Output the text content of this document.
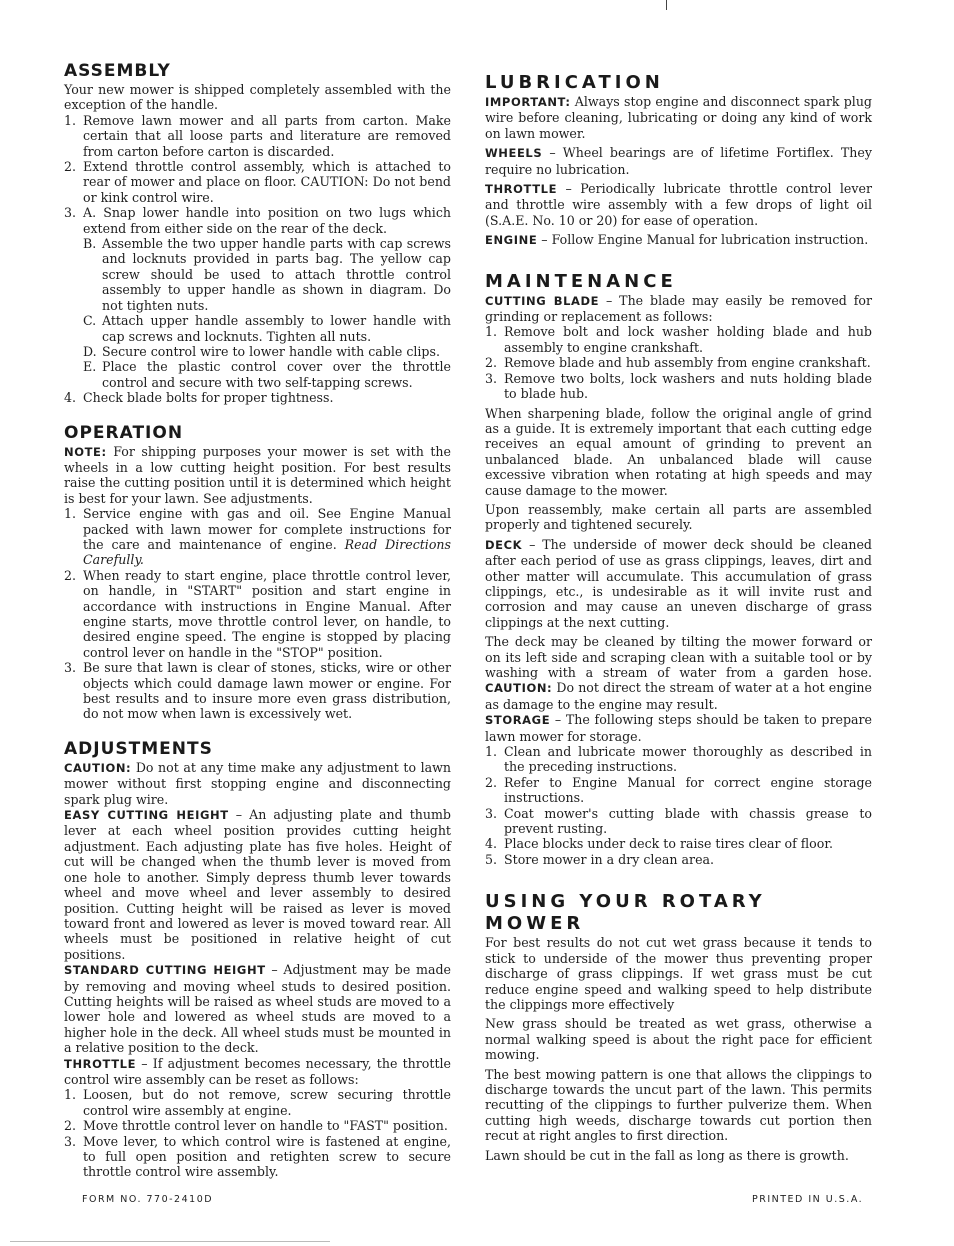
ASSEMBLY

Your new mower is shipped completely assembled with the exception of the handle.

1. Remove lawn mower and all parts from carton. Make certain that all loose parts and literature are removed from carton before carton is discarded.
2. Extend throttle control assembly, which is attached to rear of mower and place on floor. CAUTION: Do not bend or kink control wire.
3. A. Snap lower handle into position on two lugs which extend from either side on the rear of the deck.
B. Assemble the two upper handle parts with cap screws and locknuts provided in parts bag. The yellow cap screw should be used to attach throttle control assembly to upper handle as shown in diagram. Do not tighten nuts.
C. Attach upper handle assembly to lower handle with cap screws and locknuts. Tighten all nuts.
D. Secure control wire to lower handle with cable clips.
E. Place the plastic control cover over the throttle control and secure with two self-tapping screws.
4. Check blade bolts for proper tightness.
OPERATION

NOTE: For shipping purposes your mower is set with the wheels in a low cutting height position. For best results raise the cutting position until it is determined which height is best for your lawn. See adjustments.

1. Service engine with gas and oil. See Engine Manual packed with lawn mower for complete instructions for the care and maintenance of engine. Read Directions Carefully.
2. When ready to start engine, place throttle control lever, on handle, in "START" position and start engine in accordance with instructions in Engine Manual. After engine starts, move throttle control lever, on handle, to desired engine speed. The engine is stopped by placing control lever on handle in the "STOP" position.
3. Be sure that lawn is clear of stones, sticks, wire or other objects which could damage lawn mower or engine. For best results and to insure more even grass distribution, do not mow when lawn is excessively wet.
ADJUSTMENTS

CAUTION: Do not at any time make any adjustment to lawn mower without first stopping engine and disconnecting spark plug wire.

EASY CUTTING HEIGHT – An adjusting plate and thumb lever at each wheel position provides cutting height adjustment. Each adjusting plate has five holes. Height of cut will be changed when the thumb lever is moved from one hole to another. Simply depress thumb lever towards wheel and move wheel and lever assembly to desired position. Cutting height will be raised as lever is moved toward front and lowered as lever is moved toward rear. All wheels must be positioned in relative height of cut positions.

STANDARD CUTTING HEIGHT – Adjustment may be made by removing and moving wheel studs to desired position. Cutting heights will be raised as wheel studs are moved to a lower hole and lowered as wheel studs are moved to a higher hole in the deck. All wheel studs must be mounted in a relative position to the deck.

THROTTLE – If adjustment becomes necessary, the throttle control wire assembly can be reset as follows:

1. Loosen, but do not remove, screw securing throttle control wire assembly at engine.
2. Move throttle control lever on handle to "FAST" position.
3. Move lever, to which control wire is fastened at engine, to full open position and retighten screw to secure throttle control wire assembly.
LUBRICATION

IMPORTANT: Always stop engine and disconnect spark plug wire before cleaning, lubricating or doing any kind of work on lawn mower.

WHEELS – Wheel bearings are of lifetime Fortiflex. They require no lubrication.

THROTTLE – Periodically lubricate throttle control lever and throttle wire assembly with a few drops of light oil (S.A.E. No. 10 or 20) for ease of operation.

ENGINE – Follow Engine Manual for lubrication instruction.

MAINTENANCE

CUTTING BLADE – The blade may easily be removed for grinding or replacement as follows:

1. Remove bolt and lock washer holding blade and hub assembly to engine crankshaft.
2. Remove blade and hub assembly from engine crankshaft.
3. Remove two bolts, lock washers and nuts holding blade to blade hub.

When sharpening blade, follow the original angle of grind as a guide. It is extremely important that each cutting edge receives an equal amount of grinding to prevent an unbalanced blade. An unbalanced blade will cause excessive vibration when rotating at high speeds and may cause damage to the mower.

Upon reassembly, make certain all parts are assembled properly and tightened securely.

DECK – The underside of mower deck should be cleaned after each period of use as grass clippings, leaves, dirt and other matter will accumulate. This accumulation of grass clippings, etc., is undesirable as it will invite rust and corrosion and may cause an uneven discharge of grass clippings at the next cutting.

The deck may be cleaned by tilting the mower forward or on its left side and scraping clean with a suitable tool or by washing with a stream of water from a garden hose. CAUTION: Do not direct the stream of water at a hot engine as damage to the engine may result.

STORAGE – The following steps should be taken to prepare lawn mower for storage.

1. Clean and lubricate mower thoroughly as described in the preceding instructions.
2. Refer to Engine Manual for correct engine storage instructions.
3. Coat mower's cutting blade with chassis grease to prevent rusting.
4. Place blocks under deck to raise tires clear of floor.
5. Store mower in a dry clean area.
USING YOUR ROTARY MOWER

For best results do not cut wet grass because it tends to stick to underside of the mower thus preventing proper discharge of grass clippings. If wet grass must be cut reduce engine speed and walking speed to help distribute the clippings more effectively

New grass should be treated as wet grass, otherwise a normal walking speed is about the right pace for efficient mowing.

The best mowing pattern is one that allows the clippings to discharge towards the uncut part of the lawn. This permits recutting of the clippings to further pulverize them. When cutting high weeds, discharge towards cut portion then recut at right angles to first direction.

Lawn should be cut in the fall as long as there is growth.

FORM NO. 770-2410D	PRINTED IN U.S.A.
